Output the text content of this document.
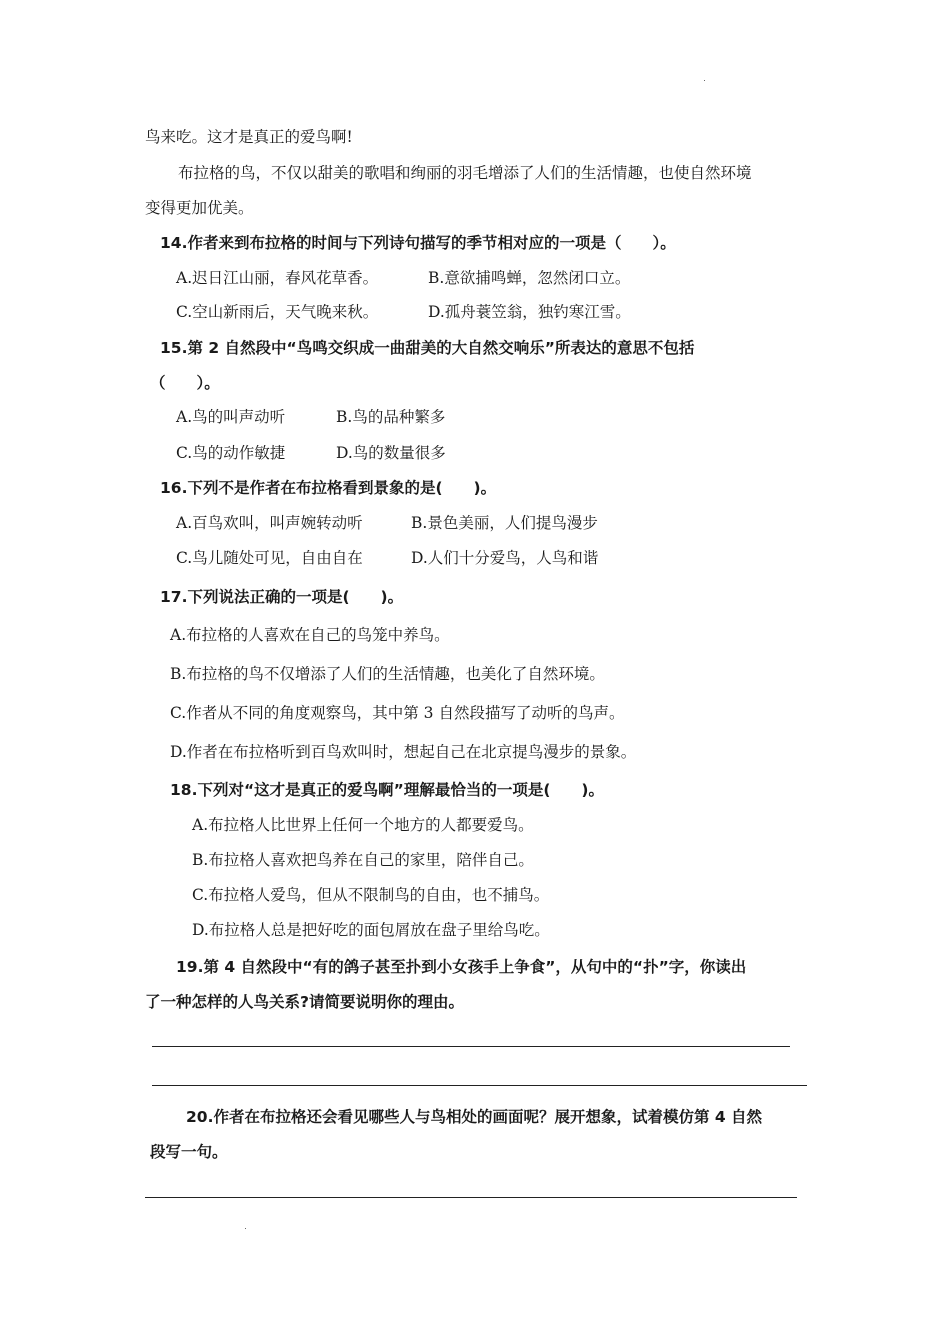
鸟来吃。这才是真正的爱鸟啊!
布拉格的鸟，不仅以甜美的歌唱和绚丽的羽毛增添了人们的生活情趣，也使自然环境
变得更加优美。
14.作者来到布拉格的时间与下列诗句描写的季节相对应的一项是（　　）。
A.迟日江山丽，春风花草香。	B.意欲捕鸣蝉，忽然闭口立。
C.空山新雨后，天气晚来秋。	D.孤舟蓑笠翁，独钓寒江雪。
15.第 2 自然段中“鸟鸣交织成一曲甜美的大自然交响乐”所表达的意思不包括
（　　）。
A.鸟的叫声动听	B.鸟的品种繁多
C.鸟的动作敏捷	D.鸟的数量很多
16.下列不是作者在布拉格看到景象的是(　　)。
A.百鸟欢叫，叫声婉转动听	B.景色美丽，人们提鸟漫步
C.鸟儿随处可见，自由自在	D.人们十分爱鸟，人鸟和谐
17.下列说法正确的一项是(　　)。
A.布拉格的人喜欢在自己的鸟笼中养鸟。
B.布拉格的鸟不仅增添了人们的生活情趣，也美化了自然环境。
C.作者从不同的角度观察鸟，其中第 3 自然段描写了动听的鸟声。
D.作者在布拉格听到百鸟欢叫时，想起自己在北京提鸟漫步的景象。
18.下列对“这才是真正的爱鸟啊”理解最恰当的一项是(　　)。
A.布拉格人比世界上任何一个地方的人都要爱鸟。
B.布拉格人喜欢把鸟养在自己的家里，陪伴自己。
C.布拉格人爱鸟，但从不限制鸟的自由，也不捕鸟。
D.布拉格人总是把好吃的面包屑放在盘子里给鸟吃。
19.第 4 自然段中“有的鸽子甚至扑到小女孩手上争食”，从句中的“扑”字，你读出
了一种怎样的人鸟关系?请简要说明你的理由。
20.作者在布拉格还会看见哪些人与鸟相处的画面呢？展开想象，试着模仿第 4 自然
段写一句。
